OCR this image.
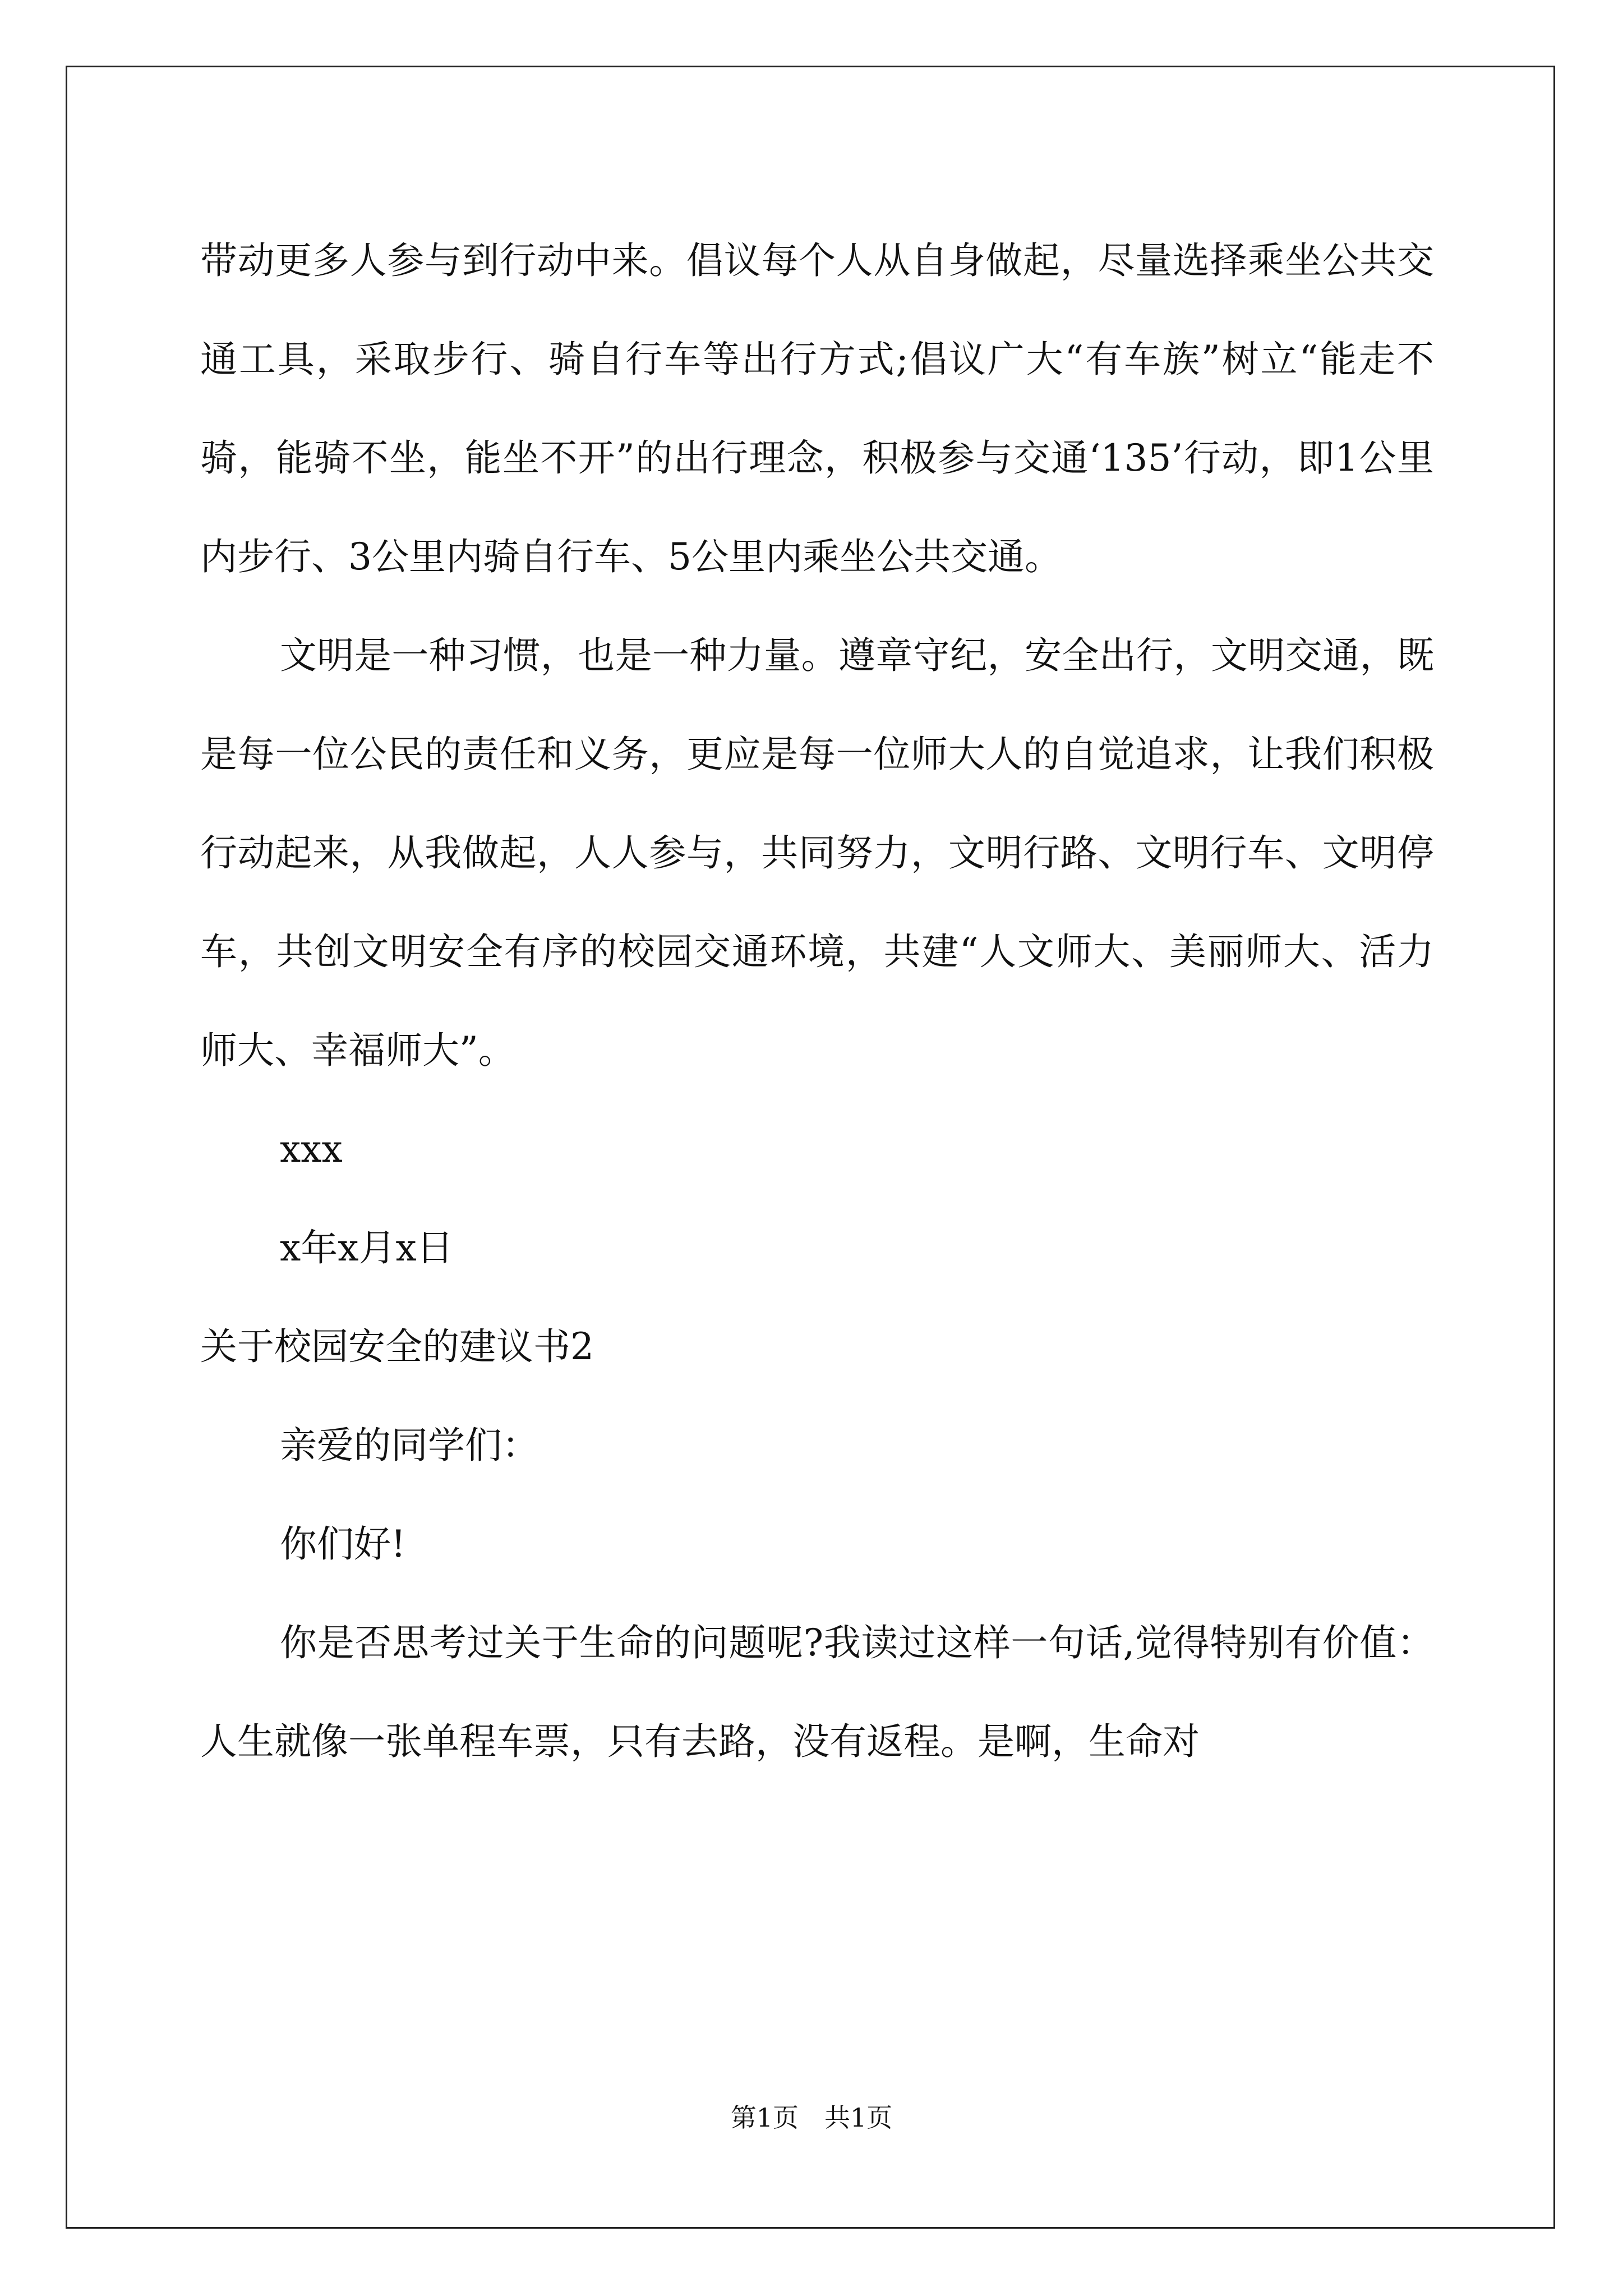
带动更多人参与到行动中来。倡议每个人从自身做起，尽量选择乘坐公共交通工具，采取步行、骑自行车等出行方式;倡议广大“有车族”树立“能走不骑，能骑不坐，能坐不开”的出行理念，积极参与交通‘135’行动，即1公里内步行、3公里内骑自行车、5公里内乘坐公共交通。

文明是一种习惯，也是一种力量。遵章守纪，安全出行，文明交通，既是每一位公民的责任和义务，更应是每一位师大人的自觉追求，让我们积极行动起来，从我做起，人人参与，共同努力，文明行路、文明行车、文明停车，共创文明安全有序的校园交通环境，共建“人文师大、美丽师大、活力师大、幸福师大”。

xxx

x年x月x日

关于校园安全的建议书2

亲爱的同学们：

你们好!

你是否思考过关于生命的问题呢?我读过这样一句话,觉得特别有价值：人生就像一张单程车票，只有去路，没有返程。是啊，生命对

第1页　共1页
